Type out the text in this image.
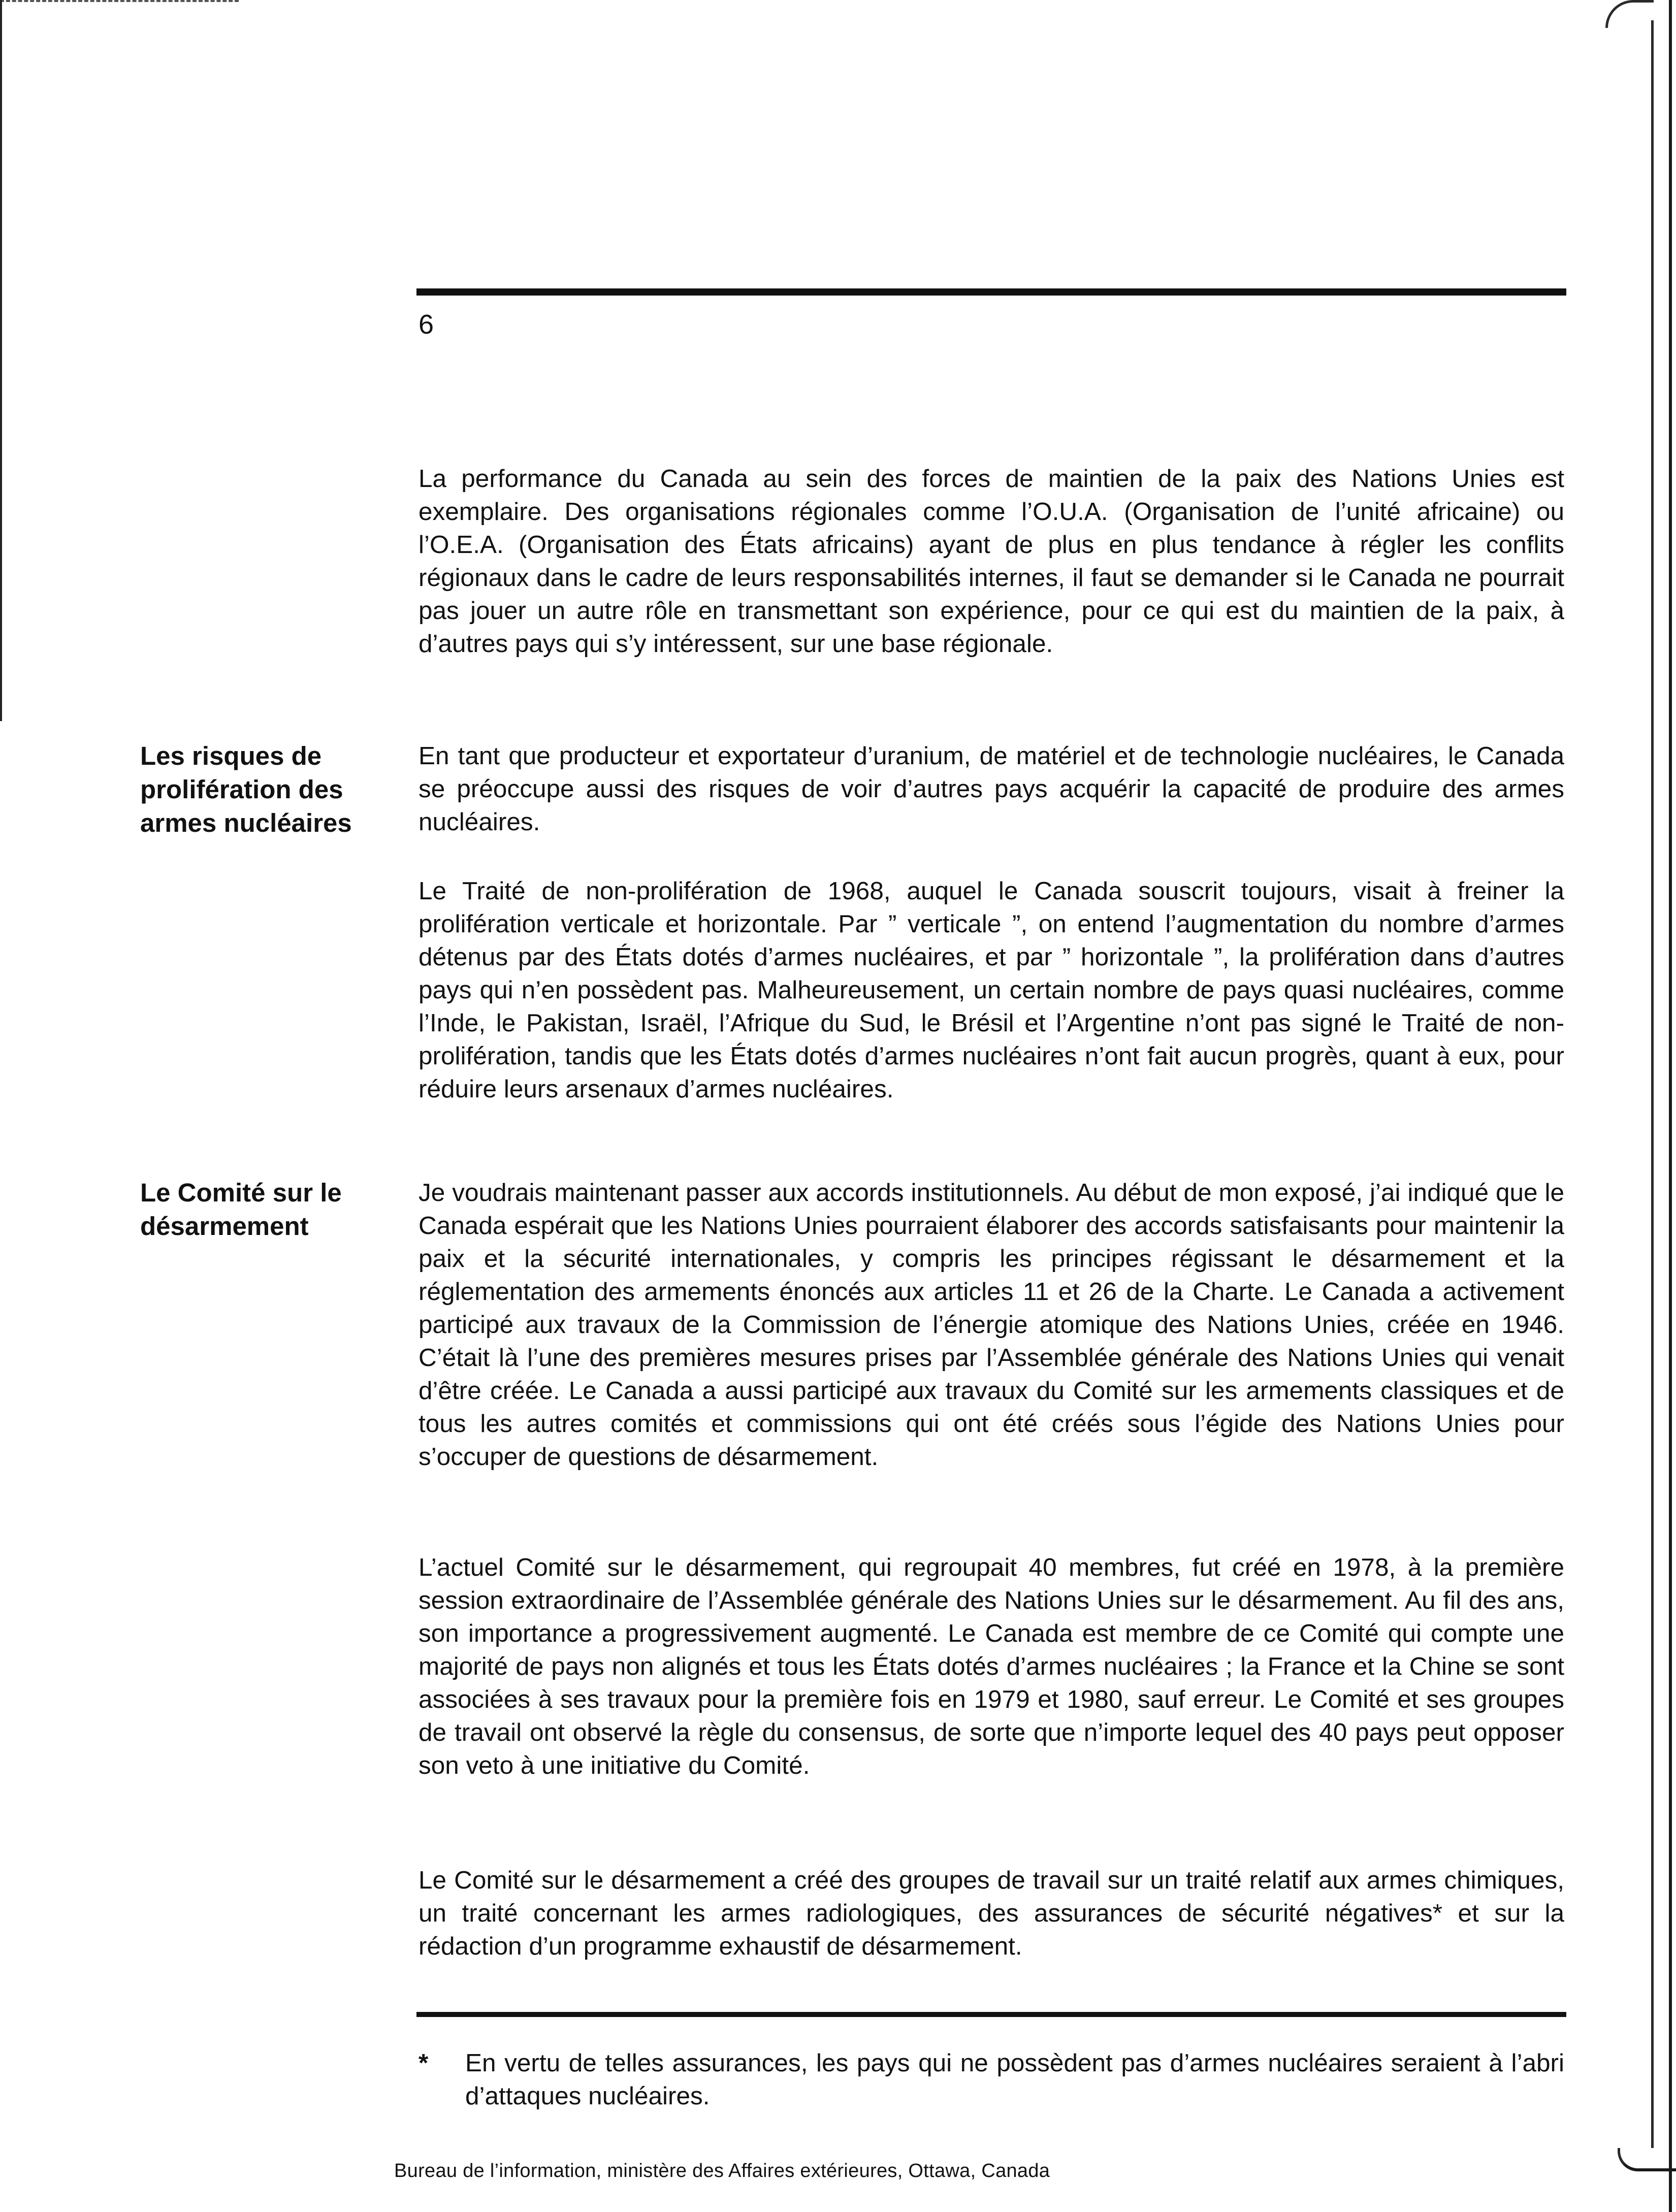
6
Les risques de prolifération des armes nucléaires
Le Comité sur le désarmement

La performance du Canada au sein des forces de maintien de la paix des Nations Unies est exemplaire. Des organisations régionales comme l’O.U.A. (Organisation de l’unité africaine) ou l’O.E.A. (Organisation des États africains) ayant de plus en plus tendance à régler les conflits régionaux dans le cadre de leurs responsabilités internes, il faut se demander si le Canada ne pourrait pas jouer un autre rôle en transmettant son expérience, pour ce qui est du maintien de la paix, à d’autres pays qui s’y intéressent, sur une base régionale.

En tant que producteur et exportateur d’uranium, de matériel et de technologie nucléaires, le Canada se préoccupe aussi des risques de voir d’autres pays acquérir la capacité de produire des armes nucléaires.

Le Traité de non-prolifération de 1968, auquel le Canada souscrit toujours, visait à freiner la prolifération verticale et horizontale. Par ” verticale ”, on entend l’augmentation du nombre d’armes détenus par des États dotés d’armes nucléaires, et par ” horizontale ”, la prolifération dans d’autres pays qui n’en possèdent pas. Malheureusement, un certain nombre de pays quasi nucléaires, comme l’Inde, le Pakistan, Israël, l’Afrique du Sud, le Brésil et l’Argentine n’ont pas signé le Traité de non-prolifération, tandis que les États dotés d’armes nucléaires n’ont fait aucun progrès, quant à eux, pour réduire leurs arsenaux d’armes nucléaires.

Je voudrais maintenant passer aux accords institutionnels. Au début de mon exposé, j’ai indiqué que le Canada espérait que les Nations Unies pourraient élaborer des accords satisfaisants pour maintenir la paix et la sécurité internationales, y compris les principes régissant le désarmement et la réglementation des armements énoncés aux articles 11 et 26 de la Charte. Le Canada a activement participé aux travaux de la Commission de l’énergie atomique des Nations Unies, créée en 1946. C’était là l’une des premières mesures prises par l’Assemblée générale des Nations Unies qui venait d’être créée. Le Canada a aussi participé aux travaux du Comité sur les armements classiques et de tous les autres comités et commissions qui ont été créés sous l’égide des Nations Unies pour s’occuper de questions de désarmement.

L’actuel Comité sur le désarmement, qui regroupait 40 membres, fut créé en 1978, à la première session extraordinaire de l’Assemblée générale des Nations Unies sur le désarmement. Au fil des ans, son importance a progressivement augmenté. Le Canada est membre de ce Comité qui compte une majorité de pays non alignés et tous les États dotés d’armes nucléaires ; la France et la Chine se sont associées à ses travaux pour la première fois en 1979 et 1980, sauf erreur. Le Comité et ses groupes de travail ont observé la règle du consensus, de sorte que n’importe lequel des 40 pays peut opposer son veto à une initiative du Comité.

Le Comité sur le désarmement a créé des groupes de travail sur un traité relatif aux armes chimiques, un traité concernant les armes radiologiques, des assurances de sécurité négatives* et sur la rédaction d’un programme exhaustif de désarmement.

* En vertu de telles assurances, les pays qui ne possèdent pas d’armes nucléaires seraient à l’abri d’attaques nucléaires.

Bureau de l’information, ministère des Affaires extérieures, Ottawa, Canada
